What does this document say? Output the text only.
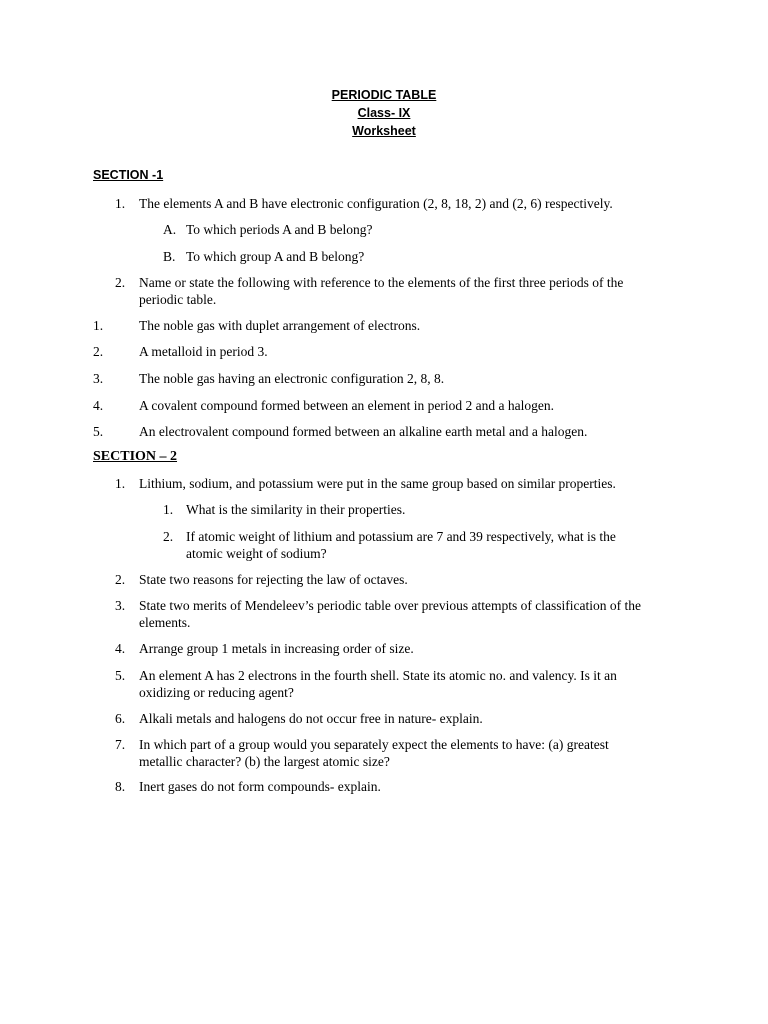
PERIODIC TABLE
Class- IX
Worksheet
SECTION -1
1. The elements A and B have electronic configuration (2, 8, 18, 2) and (2, 6) respectively.
A. To which periods A and B belong?
B. To which group A and B belong?
2. Name or state the following with reference to the elements of the first three periods of the
periodic table.
1.	The noble gas with duplet arrangement of electrons.
2.	A metalloid in period 3.
3.	The noble gas having an electronic configuration 2, 8, 8.
4.	A covalent compound formed between an element in period 2 and a halogen.
5.	An electrovalent compound formed between an alkaline earth metal and a halogen.
SECTION – 2
1. Lithium, sodium, and potassium were put in the same group based on similar properties.
1. What is the similarity in their properties.
2. If atomic weight of lithium and potassium are 7 and 39 respectively, what is the
atomic weight of sodium?
2. State two reasons for rejecting the law of octaves.
3. State two merits of Mendeleev’s periodic table over previous attempts of classification of the
elements.
4. Arrange group 1 metals in increasing order of size.
5. An element A has 2 electrons in the fourth shell. State its atomic no. and valency. Is it an
oxidizing or reducing agent?
6. Alkali metals and halogens do not occur free in nature- explain.
7. In which part of a group would you separately expect the elements to have: (a) greatest
metallic character? (b) the largest atomic size?
8. Inert gases do not form compounds- explain.
